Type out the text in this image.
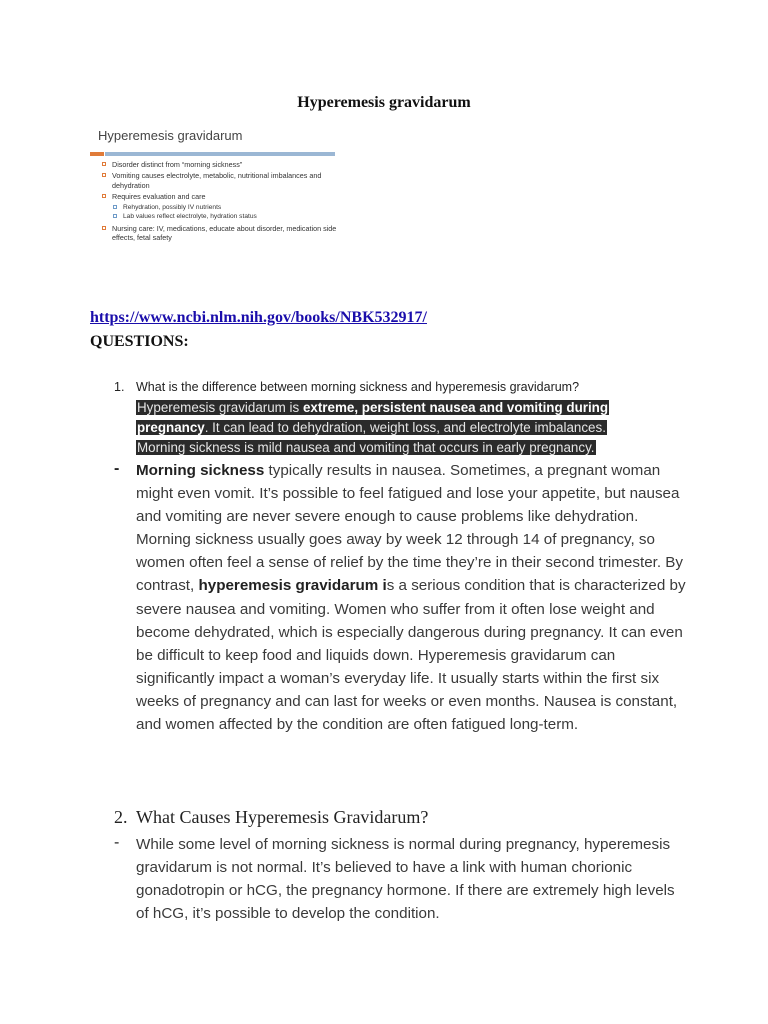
Hyperemesis gravidarum
Hyperemesis gravidarum
Disorder distinct from “morning sickness”
Vomiting causes electrolyte, metabolic, nutritional imbalances and dehydration
Requires evaluation and care
Rehydration, possibly IV nutrients
Lab values reflect electrolyte, hydration status
Nursing care: IV, medications, educate about disorder, medication side effects, fetal safety
https://www.ncbi.nlm.nih.gov/books/NBK532917/
QUESTIONS:
1. What is the difference between morning sickness and hyperemesis gravidarum?
Hyperemesis gravidarum is extreme, persistent nausea and vomiting during
pregnancy. It can lead to dehydration, weight loss, and electrolyte imbalances.
Morning sickness is mild nausea and vomiting that occurs in early pregnancy.
- Morning sickness typically results in nausea. Sometimes, a pregnant woman might even vomit. It’s possible to feel fatigued and lose your appetite, but nausea and vomiting are never severe enough to cause problems like dehydration. Morning sickness usually goes away by week 12 through 14 of pregnancy, so women often feel a sense of relief by the time they’re in their second trimester. By contrast, hyperemesis gravidarum is a serious condition that is characterized by severe nausea and vomiting. Women who suffer from it often lose weight and become dehydrated, which is especially dangerous during pregnancy. It can even be difficult to keep food and liquids down. Hyperemesis gravidarum can significantly impact a woman’s everyday life. It usually starts within the first six weeks of pregnancy and can last for weeks or even months. Nausea is constant, and women affected by the condition are often fatigued long-term.
2. What Causes Hyperemesis Gravidarum?
- While some level of morning sickness is normal during pregnancy, hyperemesis gravidarum is not normal. It’s believed to have a link with human chorionic gonadotropin or hCG, the pregnancy hormone. If there are extremely high levels of hCG, it’s possible to develop the condition.
